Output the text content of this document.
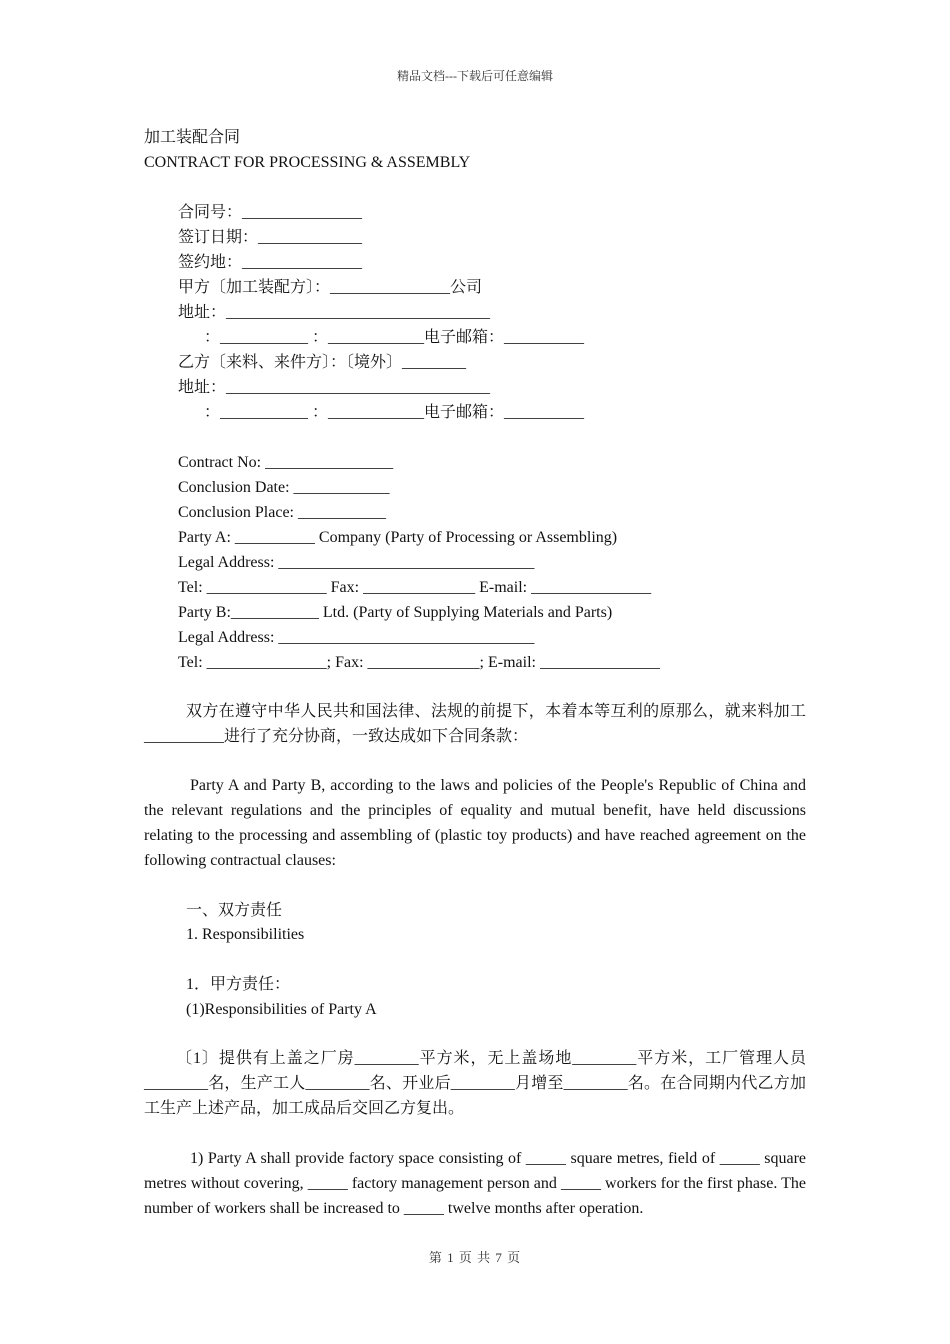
精品文档---下载后可任意编辑
加工装配合同
CONTRACT FOR PROCESSING & ASSEMBLY
合同号：_______________
签订日期：_____________
签约地：_______________
甲方〔加工装配方〕：_______________公司
地址：_________________________________
：___________ ：____________电子邮箱：__________
乙方〔来料、来件方〕：〔境外〕________
地址：_________________________________
：___________ ：____________电子邮箱：__________
Contract No: ________________
Conclusion Date: ____________
Conclusion Place: ___________
Party A: __________ Company (Party of Processing or Assembling)
Legal Address: ________________________________
Tel: _______________ Fax: ______________ E-mail: _______________
Party B:___________ Ltd. (Party of Supplying Materials and Parts)
Legal Address: ________________________________
Tel: _______________; Fax: ______________; E-mail: _______________
双方在遵守中华人民共和国法律、法规的前提下，本着本等互利的原那么，就来料加工__________进行了充分协商，一致达成如下合同条款：
Party A and Party B, according to the laws and policies of the People's Republic of China and the relevant regulations and the principles of equality and mutual benefit, have held discussions relating to the processing and assembling of (plastic toy products) and have reached agreement on the following contractual clauses:
一、双方责任
1. Responsibilities
1．甲方责任：
(1)Responsibilities of Party A
〔1〕提供有上盖之厂房________平方米，无上盖场地________平方米，工厂管理人员________名，生产工人________名、开业后________月增至________名。在合同期内代乙方加工生产上述产品，加工成品后交回乙方复出。
1) Party A shall provide factory space consisting of _____ square metres, field of _____ square metres without covering, _____ factory management person and _____ workers for the first phase. The number of workers shall be increased to _____ twelve months after operation.
第 1 页 共 7 页
